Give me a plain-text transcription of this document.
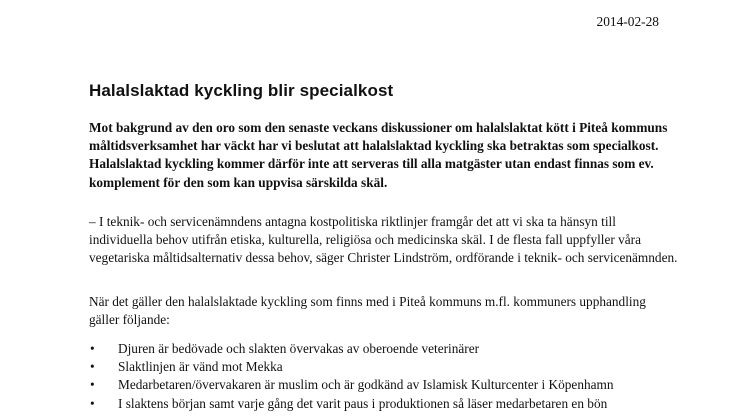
2014-02-28
Halalslaktad kyckling blir specialkost

Mot bakgrund av den oro som den senaste veckans diskussioner om halalslaktat kött i Piteå kommuns måltidsverksamhet har väckt har vi beslutat att halalslaktad kyckling ska betraktas som specialkost. Halalslaktad kyckling kommer därför inte att serveras till alla matgäster utan endast finnas som ev. komplement för den som kan uppvisa särskilda skäl.

– I teknik- och servicenämndens antagna kostpolitiska riktlinjer framgår det att vi ska ta hänsyn till individuella behov utifrån etiska, kulturella, religiösa och medicinska skäl. I de flesta fall uppfyller våra vegetariska måltidsalternativ dessa behov, säger Christer Lindström, ordförande i teknik- och servicenämnden.

När det gäller den halalslaktade kyckling som finns med i Piteå kommuns m.fl. kommuners upphandling gäller följande:

• Djuren är bedövade och slakten övervakas av oberoende veterinärer
• Slaktlinjen är vänd mot Mekka
• Medarbetaren/övervakaren är muslim och är godkänd av Islamisk Kulturcenter i Köpenhamn
• I slaktens början samt varje gång det varit paus i produktionen så läser medarbetaren en bön
